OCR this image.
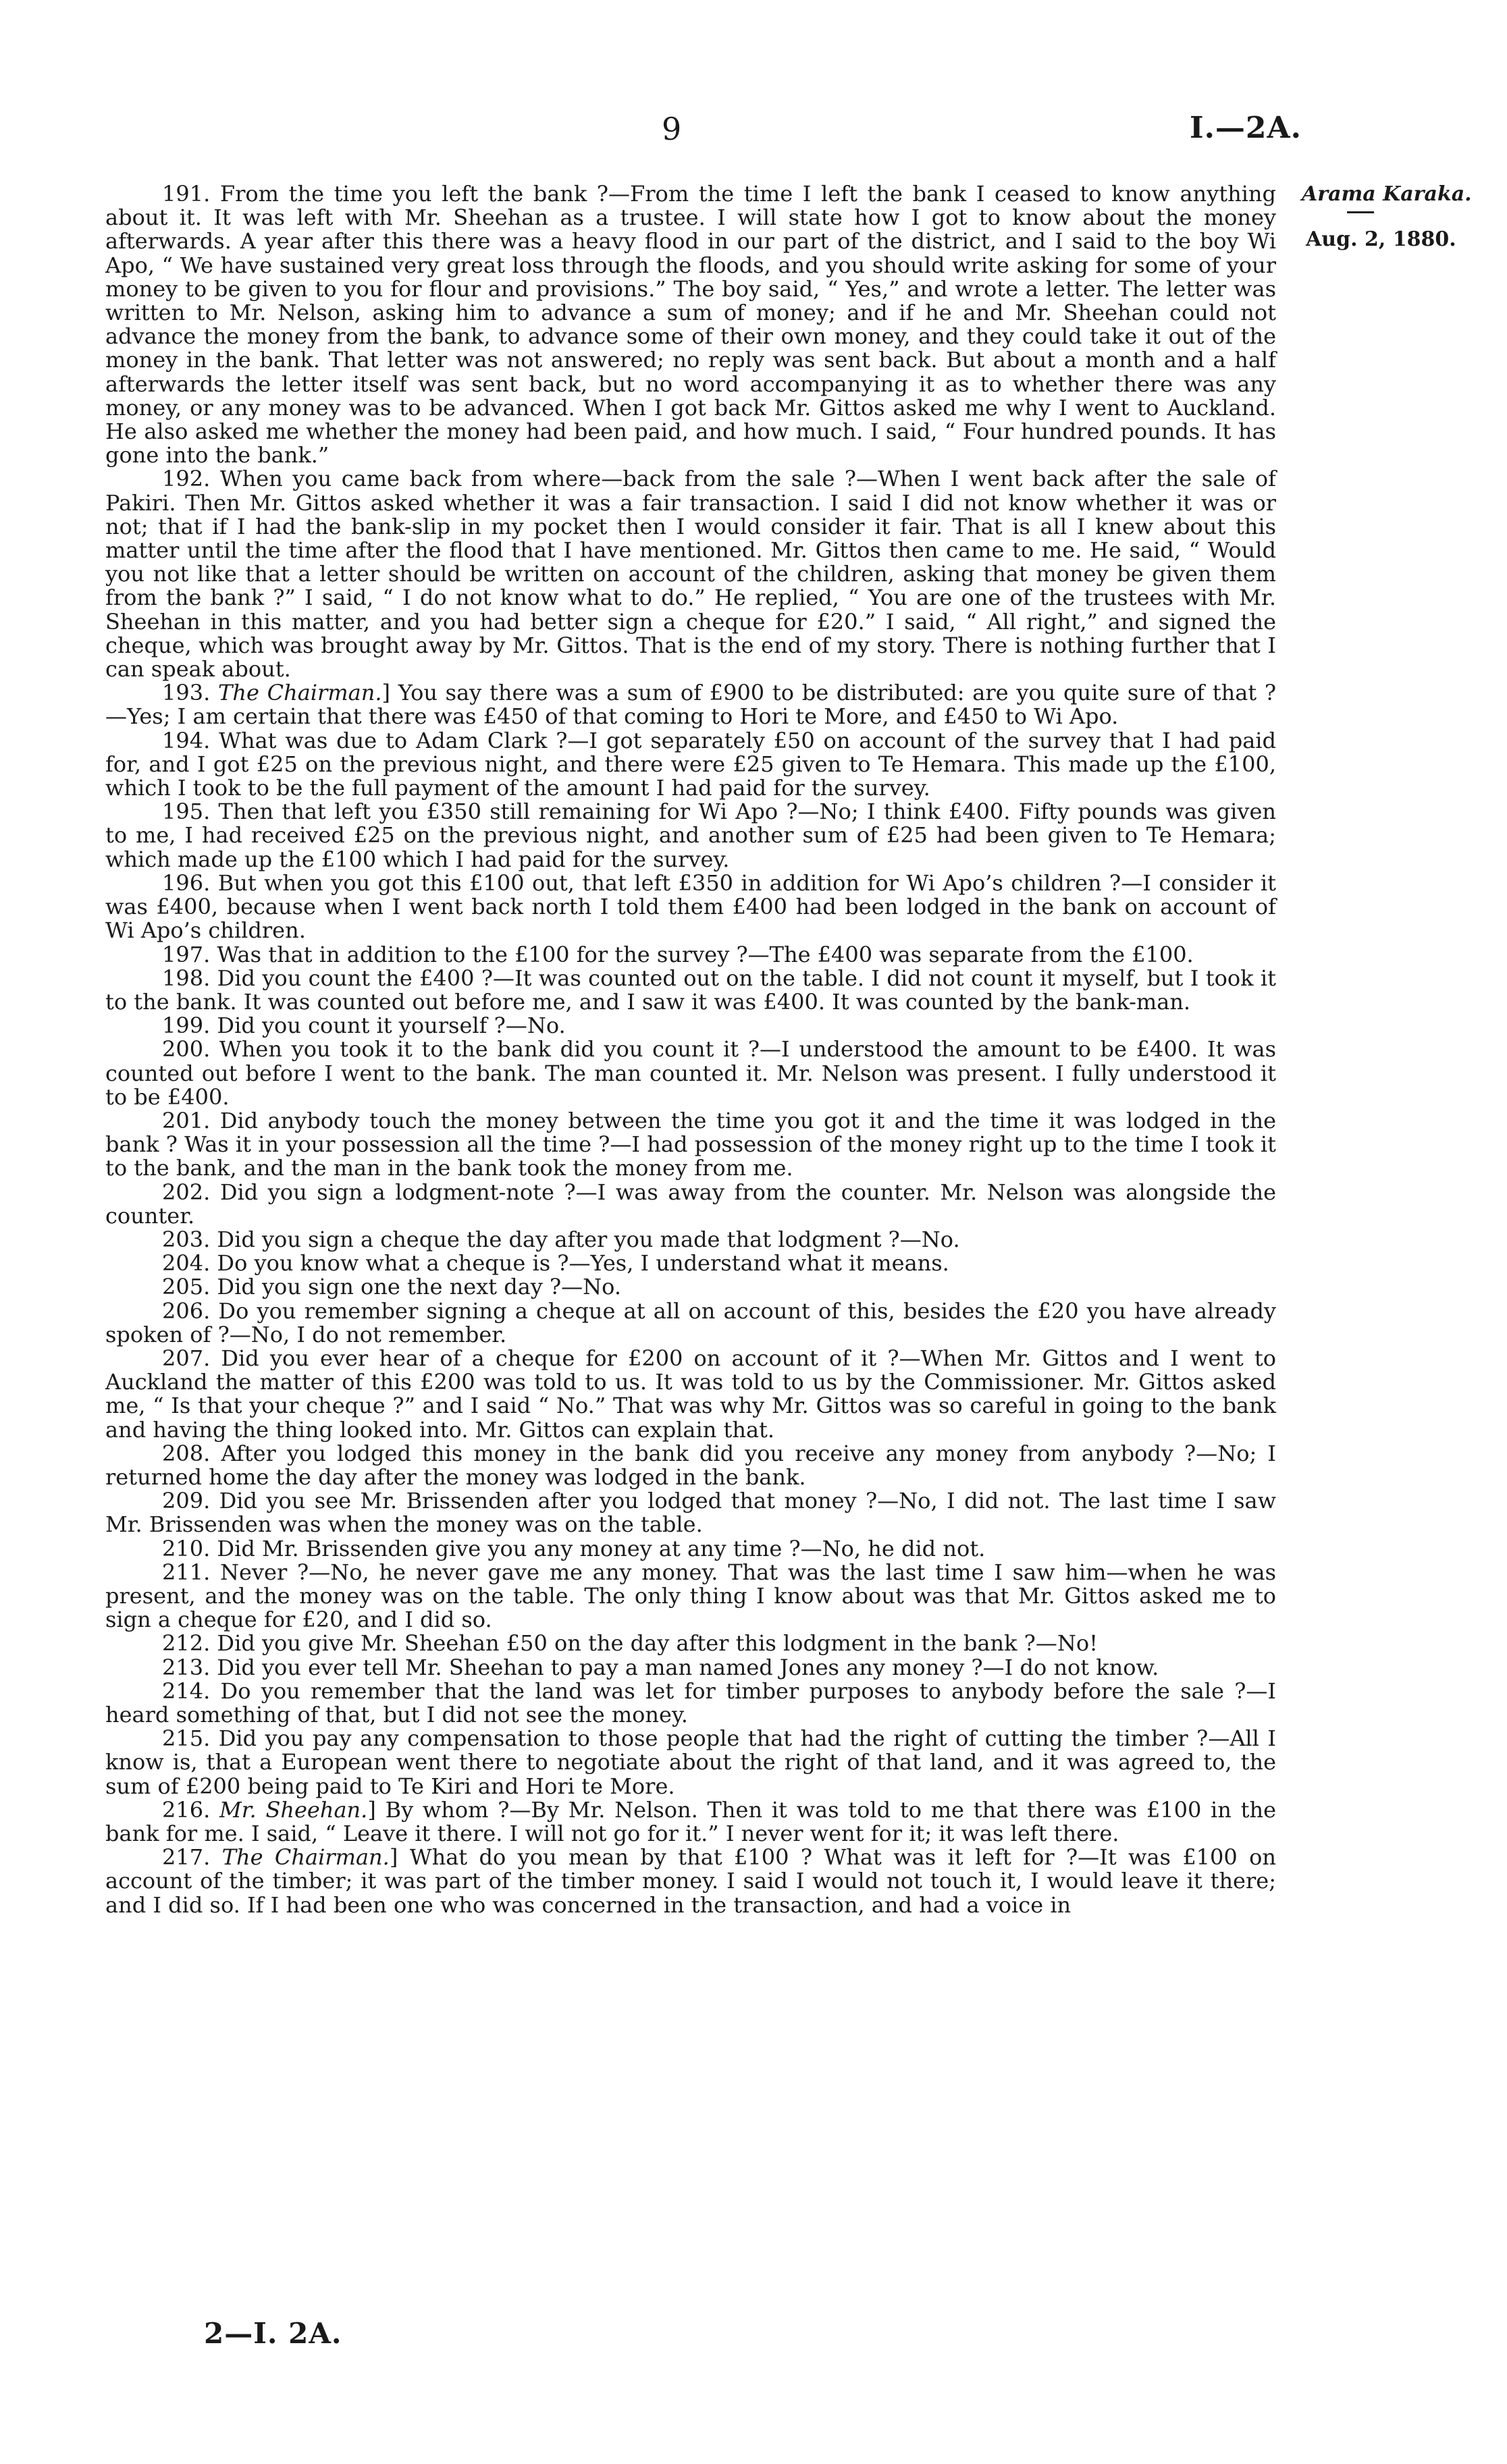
9	I.—2A.
Arama Karaka.
Aug. 2, 1880.

191. From the time you left the bank ?—From the time I left the bank I ceased to know anything about it. It was left with Mr. Sheehan as a trustee. I will state how I got to know about the money afterwards. A year after this there was a heavy flood in our part of the district, and I said to the boy Wi Apo, “ We have sustained very great loss through the floods, and you should write asking for some of your money to be given to you for flour and provisions.” The boy said, “ Yes,” and wrote a letter. The letter was written to Mr. Nelson, asking him to advance a sum of money; and if he and Mr. Sheehan could not advance the money from the bank, to advance some of their own money, and they could take it out of the money in the bank. That letter was not answered; no reply was sent back. But about a month and a half afterwards the letter itself was sent back, but no word accompanying it as to whether there was any money, or any money was to be advanced. When I got back Mr. Gittos asked me why I went to Auckland. He also asked me whether the money had been paid, and how much. I said, “ Four hundred pounds. It has gone into the bank.”

192. When you came back from where—back from the sale ?—When I went back after the sale of Pakiri. Then Mr. Gittos asked whether it was a fair transaction. I said I did not know whether it was or not; that if I had the bank-slip in my pocket then I would consider it fair. That is all I knew about this matter until the time after the flood that I have mentioned. Mr. Gittos then came to me. He said, “ Would you not like that a letter should be written on account of the children, asking that money be given them from the bank ?” I said, “ I do not know what to do.” He replied, “ You are one of the trustees with Mr. Sheehan in this matter, and you had better sign a cheque for £20.” I said, “ All right,” and signed the cheque, which was brought away by Mr. Gittos. That is the end of my story. There is nothing further that I can speak about.

193. The Chairman.] You say there was a sum of £900 to be distributed: are you quite sure of that ?—Yes; I am certain that there was £450 of that coming to Hori te More, and £450 to Wi Apo.

194. What was due to Adam Clark ?—I got separately £50 on account of the survey that I had paid for, and I got £25 on the previous night, and there were £25 given to Te Hemara. This made up the £100, which I took to be the full payment of the amount I had paid for the survey.

195. Then that left you £350 still remaining for Wi Apo ?—No; I think £400. Fifty pounds was given to me, I had received £25 on the previous night, and another sum of £25 had been given to Te Hemara; which made up the £100 which I had paid for the survey.

196. But when you got this £100 out, that left £350 in addition for Wi Apo’s children ?—I consider it was £400, because when I went back north I told them £400 had been lodged in the bank on account of Wi Apo’s children.

197. Was that in addition to the £100 for the survey ?—The £400 was separate from the £100.

198. Did you count the £400 ?—It was counted out on the table. I did not count it myself, but I took it to the bank. It was counted out before me, and I saw it was £400. It was counted by the bank-man.

199. Did you count it yourself ?—No.

200. When you took it to the bank did you count it ?—I understood the amount to be £400. It was counted out before I went to the bank. The man counted it. Mr. Nelson was present. I fully understood it to be £400.

201. Did anybody touch the money between the time you got it and the time it was lodged in the bank ? Was it in your possession all the time ?—I had possession of the money right up to the time I took it to the bank, and the man in the bank took the money from me.

202. Did you sign a lodgment-note ?—I was away from the counter. Mr. Nelson was alongside the counter.

203. Did you sign a cheque the day after you made that lodgment ?—No.

204. Do you know what a cheque is ?—Yes, I understand what it means.

205. Did you sign one the next day ?—No.

206. Do you remember signing a cheque at all on account of this, besides the £20 you have already spoken of ?—No, I do not remember.

207. Did you ever hear of a cheque for £200 on account of it ?—When Mr. Gittos and I went to Auckland the matter of this £200 was told to us. It was told to us by the Commissioner. Mr. Gittos asked me, “ Is that your cheque ?” and I said “ No.” That was why Mr. Gittos was so careful in going to the bank and having the thing looked into. Mr. Gittos can explain that.

208. After you lodged this money in the bank did you receive any money from anybody ?—No; I returned home the day after the money was lodged in the bank.

209. Did you see Mr. Brissenden after you lodged that money ?—No, I did not. The last time I saw Mr. Brissenden was when the money was on the table.

210. Did Mr. Brissenden give you any money at any time ?—No, he did not.

211. Never ?—No, he never gave me any money. That was the last time I saw him—when he was present, and the money was on the table. The only thing I know about was that Mr. Gittos asked me to sign a cheque for £20, and I did so.

212. Did you give Mr. Sheehan £50 on the day after this lodgment in the bank ?—No!

213. Did you ever tell Mr. Sheehan to pay a man named Jones any money ?—I do not know.

214. Do you remember that the land was let for timber purposes to anybody before the sale ?—I heard something of that, but I did not see the money.

215. Did you pay any compensation to those people that had the right of cutting the timber ?—All I know is, that a European went there to negotiate about the right of that land, and it was agreed to, the sum of £200 being paid to Te Kiri and Hori te More.

216. Mr. Sheehan.] By whom ?—By Mr. Nelson. Then it was told to me that there was £100 in the bank for me. I said, “ Leave it there. I will not go for it.” I never went for it; it was left there.

217. The Chairman.] What do you mean by that £100 ? What was it left for ?—It was £100 on account of the timber; it was part of the timber money. I said I would not touch it, I would leave it there; and I did so. If I had been one who was concerned in the transaction, and had a voice in

2—I. 2A.
